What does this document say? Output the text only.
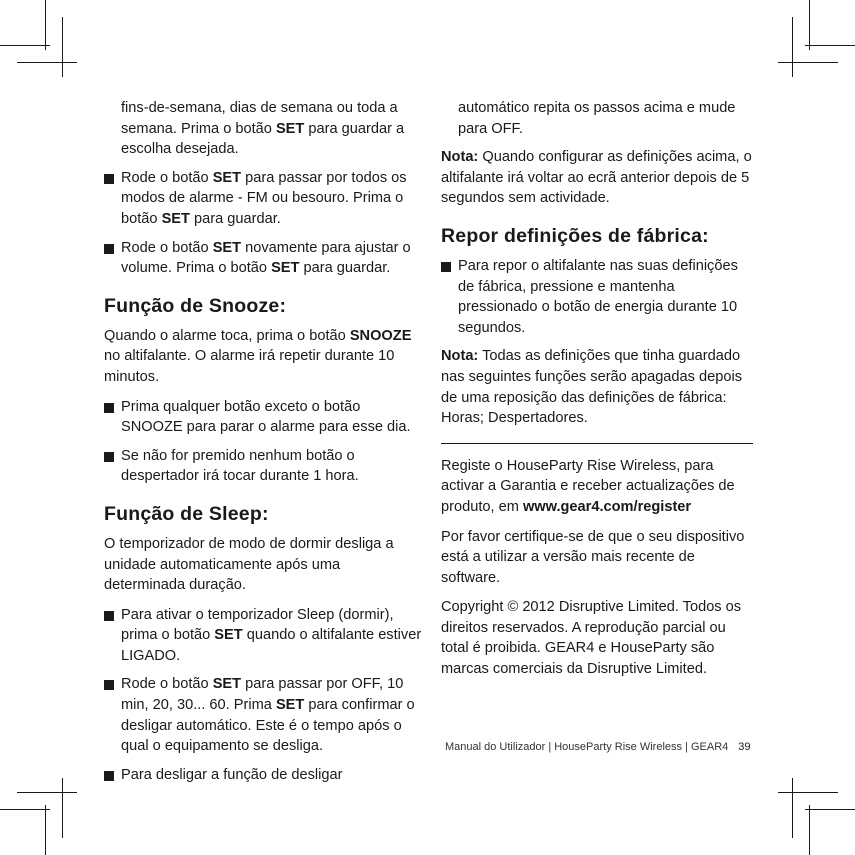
fins-de-semana, dias de semana ou toda a semana. Prima o botão SET para guardar a escolha desejada.

Rode o botão SET para passar por todos os modos de alarme - FM ou besouro. Prima o botão SET para guardar.
Rode o botão SET novamente para ajustar o volume. Prima o botão SET para guardar.
Função de Snooze:

Quando o alarme toca, prima o botão SNOOZE no altifalante. O alarme irá repetir durante 10 minutos.

Prima qualquer botão exceto o botão SNOOZE para parar o alarme para esse dia.
Se não for premido nenhum botão o despertador irá tocar durante 1 hora.
Função de Sleep:

O temporizador de modo de dormir desliga a unidade automaticamente após uma determinada duração.

Para ativar o temporizador Sleep (dormir), prima o botão SET quando o altifalante estiver LIGADO.
Rode o botão SET para passar por OFF, 10 min, 20, 30... 60. Prima SET para confirmar o desligar automático. Este é o tempo após o qual o equipamento se desliga.
Para desligar a função de desligar

automático repita os passos acima e mude para OFF.

Nota: Quando configurar as definições acima, o altifalante irá voltar ao ecrã anterior depois de 5 segundos sem actividade.

Repor definições de fábrica:
Para repor o altifalante nas suas definições de fábrica, pressione e mantenha pressionado o botão de energia durante 10 segundos.

Nota: Todas as definições que tinha guardado nas seguintes funções serão apagadas depois de uma reposição das definições de fábrica: Horas; Despertadores.

Registe o HouseParty Rise Wireless, para activar a Garantia e receber actualizações de produto, em www.gear4.com/register

Por favor certifique-se de que o seu dispositivo está a utilizar a versão mais recente de software.

Copyright © 2012 Disruptive Limited. Todos os direitos reservados. A reprodução parcial ou total é proibida. GEAR4 e HouseParty são marcas comerciais da Disruptive Limited.

Manual do Utilizador | HouseParty Rise Wireless | GEAR4 39
